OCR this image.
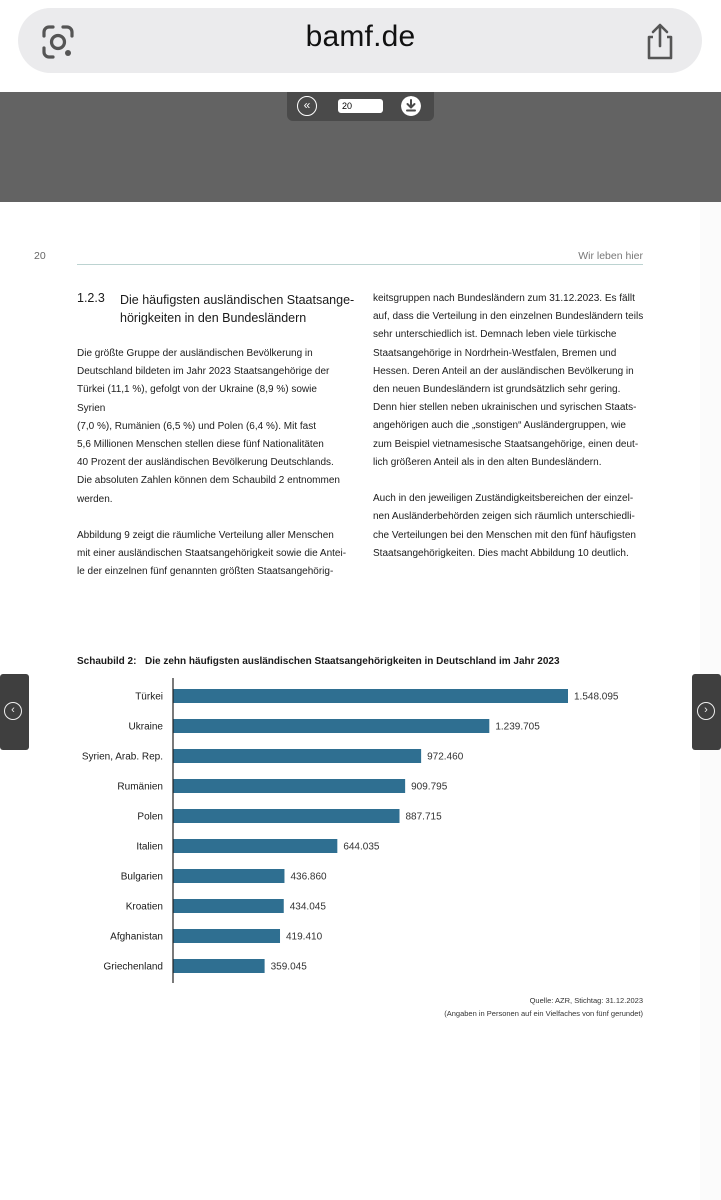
bamf.de
«	20
20	Wir leben hier
1.2.3 Die häufigsten ausländischen Staatsange-hörigkeiten in den Bundesländern
Die größte Gruppe der ausländischen Bevölkerung in
Deutschland bildeten im Jahr 2023 Staatsangehörige der
Türkei (11,1 %), gefolgt von der Ukraine (8,9 %) sowie Syrien
(7,0 %), Rumänien (6,5 %) und Polen (6,4 %). Mit fast
5,6 Millionen Menschen stellen diese fünf Nationalitäten
40 Prozent der ausländischen Bevölkerung Deutschlands.
Die absoluten Zahlen können dem Schaubild 2 entnommen
werden.
Abbildung 9 zeigt die räumliche Verteilung aller Menschen
mit einer ausländischen Staatsangehörigkeit sowie die Antei-
le der einzelnen fünf genannten größten Staatsangehörig-
keitsgruppen nach Bundesländern zum 31.12.2023. Es fällt
auf, dass die Verteilung in den einzelnen Bundesländern teils
sehr unterschiedlich ist. Demnach leben viele türkische
Staatsangehörige in Nordrhein-Westfalen, Bremen und
Hessen. Deren Anteil an der ausländischen Bevölkerung in
den neuen Bundesländern ist grundsätzlich sehr gering.
Denn hier stellen neben ukrainischen und syrischen Staats-
angehörigen auch die „sonstigen“ Ausländergruppen, wie
zum Beispiel vietnamesische Staatsangehörige, einen deut-
lich größeren Anteil als in den alten Bundesländern.
Auch in den jeweiligen Zuständigkeitsbereichen der einzel-
nen Ausländerbehörden zeigen sich räumlich unterschiedli-
che Verteilungen bei den Menschen mit den fünf häufigsten
Staatsangehörigkeiten. Dies macht Abbildung 10 deutlich.
‹	›
Schaubild 2: Die zehn häufigsten ausländischen Staatsangehörigkeiten in Deutschland im Jahr 2023
Türkei	1.548.095
Ukraine	1.239.705
Syrien, Arab. Rep.	972.460
Rumänien	909.795
Polen	887.715
Italien	644.035
Bulgarien	436.860
Kroatien	434.045
Afghanistan	419.410
Griechenland	359.045
Quelle: AZR, Stichtag: 31.12.2023
(Angaben in Personen auf ein Vielfaches von fünf gerundet)
